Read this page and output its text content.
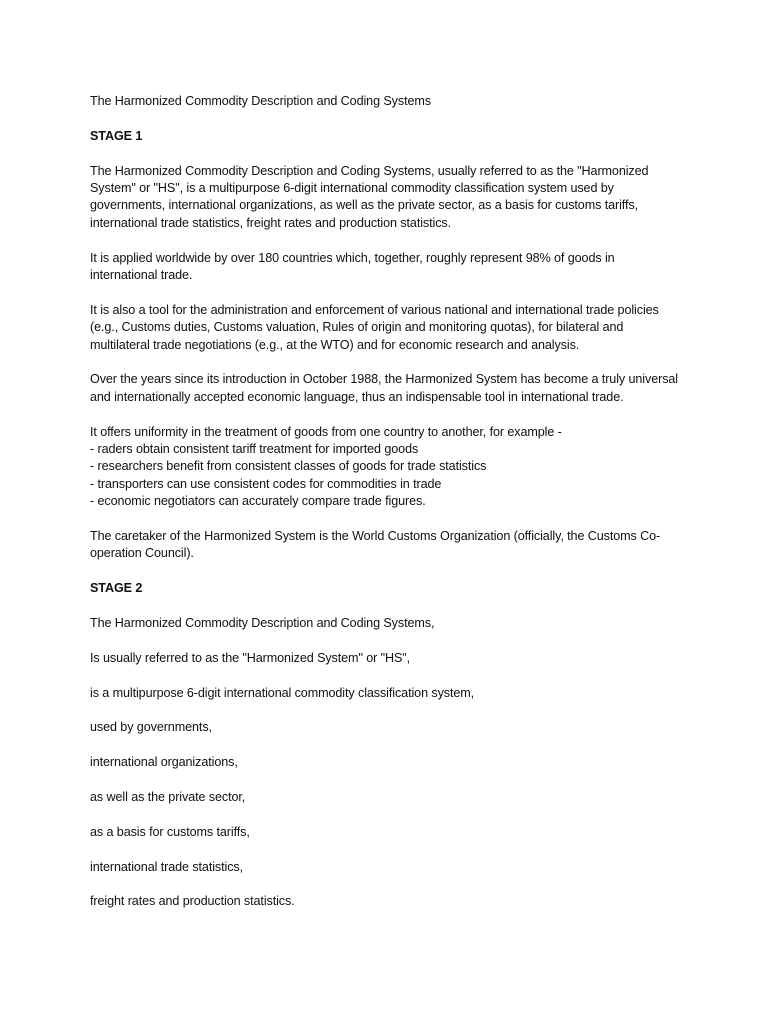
The Harmonized Commodity Description and Coding Systems

STAGE 1

The Harmonized Commodity Description and Coding Systems, usually referred to as the "Harmonized System" or "HS", is a multipurpose 6-digit international commodity classification system used by governments, international organizations, as well as the private sector, as a basis for customs tariffs, international trade statistics, freight rates and production statistics.

It is applied worldwide by over 180 countries which, together, roughly represent 98% of goods in international trade.

It is also a tool for the administration and enforcement of various national and international trade policies (e.g., Customs duties, Customs valuation, Rules of origin and monitoring quotas), for bilateral and multilateral trade negotiations (e.g., at the WTO) and for economic research and analysis.

Over the years since its introduction in October 1988, the Harmonized System has become a truly universal and internationally accepted economic language, thus an indispensable tool in international trade.

It offers uniformity in the treatment of goods from one country to another, for example -
- raders obtain consistent tariff treatment for imported goods
- researchers benefit from consistent classes of goods for trade statistics
- transporters can use consistent codes for commodities in trade
- economic negotiators can accurately compare trade figures.

The caretaker of the Harmonized System is the World Customs Organization (officially, the Customs Co-operation Council).

STAGE 2

The Harmonized Commodity Description and Coding Systems,

Is usually referred to as the "Harmonized System" or "HS",

is a multipurpose 6-digit international commodity classification system,

used by governments,

international organizations,

as well as the private sector,

as a basis for customs tariffs,

international trade statistics,

freight rates and production statistics.
